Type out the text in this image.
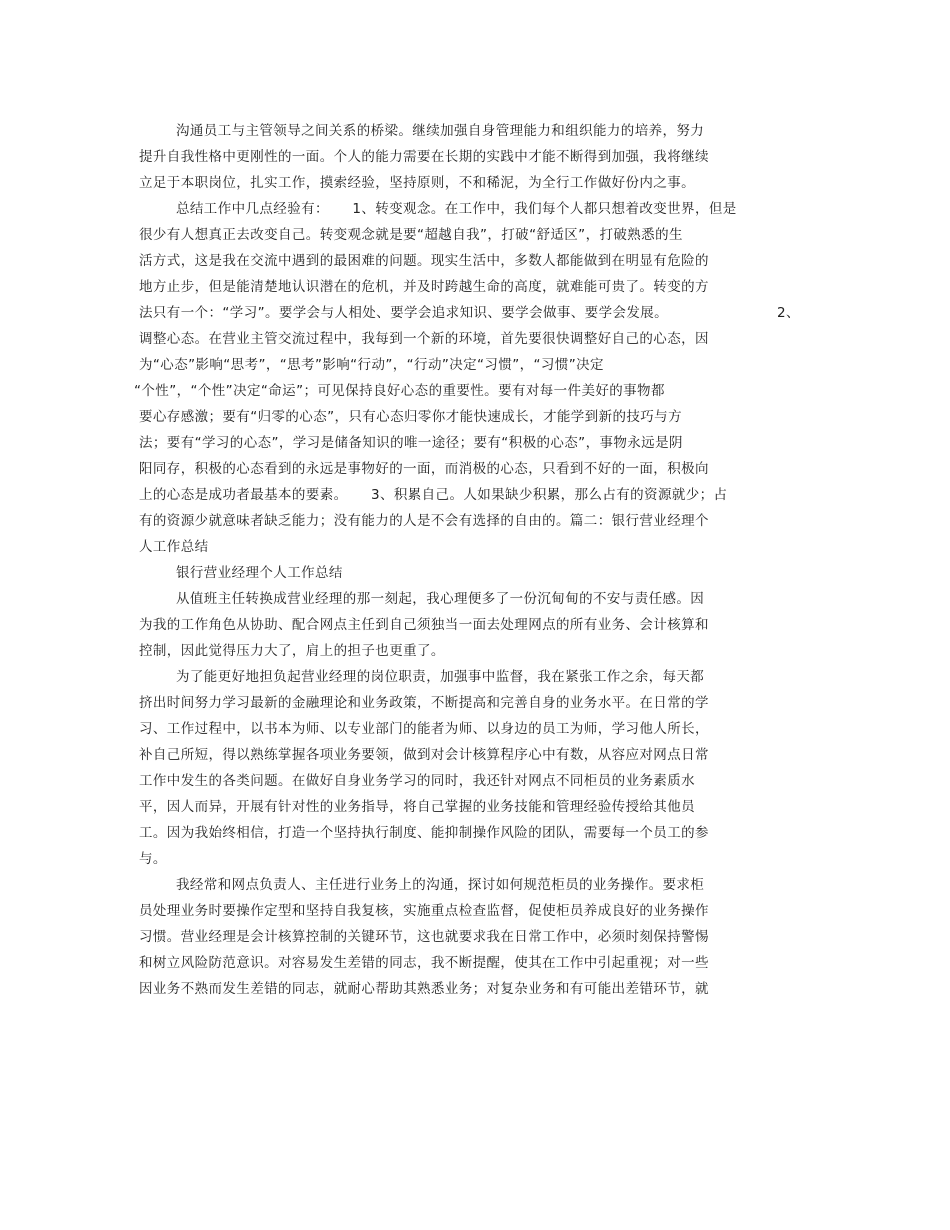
沟通员工与主管领导之间关系的桥梁。继续加强自身管理能力和组织能力的培养，努力
提升自我性格中更刚性的一面。个人的能力需要在长期的实践中才能不断得到加强，我将继续
立足于本职岗位，扎实工作，摸索经验，坚持原则，不和稀泥，为全行工作做好份内之事。
总结工作中几点经验有：     1、转变观念。在工作中，我们每个人都只想着改变世界，但是
很少有人想真正去改变自己。转变观念就是要“超越自我”，打破“舒适区”，打破熟悉的生
活方式，这是我在交流中遇到的最困难的问题。现实生活中，多数人都能做到在明显有危险的
地方止步，但是能清楚地认识潜在的危机，并及时跨越生命的高度，就难能可贵了。转变的方
法只有一个：“学习”。要学会与人相处、要学会追求知识、要学会做事、要学会发展。	2、
调整心态。在营业主管交流过程中，我每到一个新的环境，首先要很快调整好自己的心态，因
为“心态”影响“思考”，“思考”影响“行动”，“行动”决定“习惯”，“习惯”决定
“个性”，“个性”决定“命运”；可见保持良好心态的重要性。要有对每一件美好的事物都
要心存感激；要有“归零的心态”，只有心态归零你才能快速成长，才能学到新的技巧与方
法；要有“学习的心态”，学习是储备知识的唯一途径；要有“积极的心态”，事物永远是阴
阳同存，积极的心态看到的永远是事物好的一面，而消极的心态，只看到不好的一面，积极向
上的心态是成功者最基本的要素。     3、积累自己。人如果缺少积累，那么占有的资源就少；占
有的资源少就意味者缺乏能力；没有能力的人是不会有选择的自由的。篇二：银行营业经理个
人工作总结
银行营业经理个人工作总结
从值班主任转换成营业经理的那一刻起，我心理便多了一份沉甸甸的不安与责任感。因
为我的工作角色从协助、配合网点主任到自己须独当一面去处理网点的所有业务、会计核算和
控制，因此觉得压力大了，肩上的担子也更重了。
为了能更好地担负起营业经理的岗位职责，加强事中监督，我在紧张工作之余，每天都
挤出时间努力学习最新的金融理论和业务政策，不断提高和完善自身的业务水平。在日常的学
习、工作过程中，以书本为师、以专业部门的能者为师、以身边的员工为师，学习他人所长，
补自己所短，得以熟练掌握各项业务要领，做到对会计核算程序心中有数，从容应对网点日常
工作中发生的各类问题。在做好自身业务学习的同时，我还针对网点不同柜员的业务素质水
平，因人而异，开展有针对性的业务指导，将自己掌握的业务技能和管理经验传授给其他员
工。因为我始终相信，打造一个坚持执行制度、能抑制操作风险的团队，需要每一个员工的参
与。
我经常和网点负责人、主任进行业务上的沟通，探讨如何规范柜员的业务操作。要求柜
员处理业务时要操作定型和坚持自我复核，实施重点检查监督，促使柜员养成良好的业务操作
习惯。营业经理是会计核算控制的关键环节，这也就要求我在日常工作中，必须时刻保持警惕
和树立风险防范意识。对容易发生差错的同志，我不断提醒，使其在工作中引起重视；对一些
因业务不熟而发生差错的同志，就耐心帮助其熟悉业务；对复杂业务和有可能出差错环节，就
